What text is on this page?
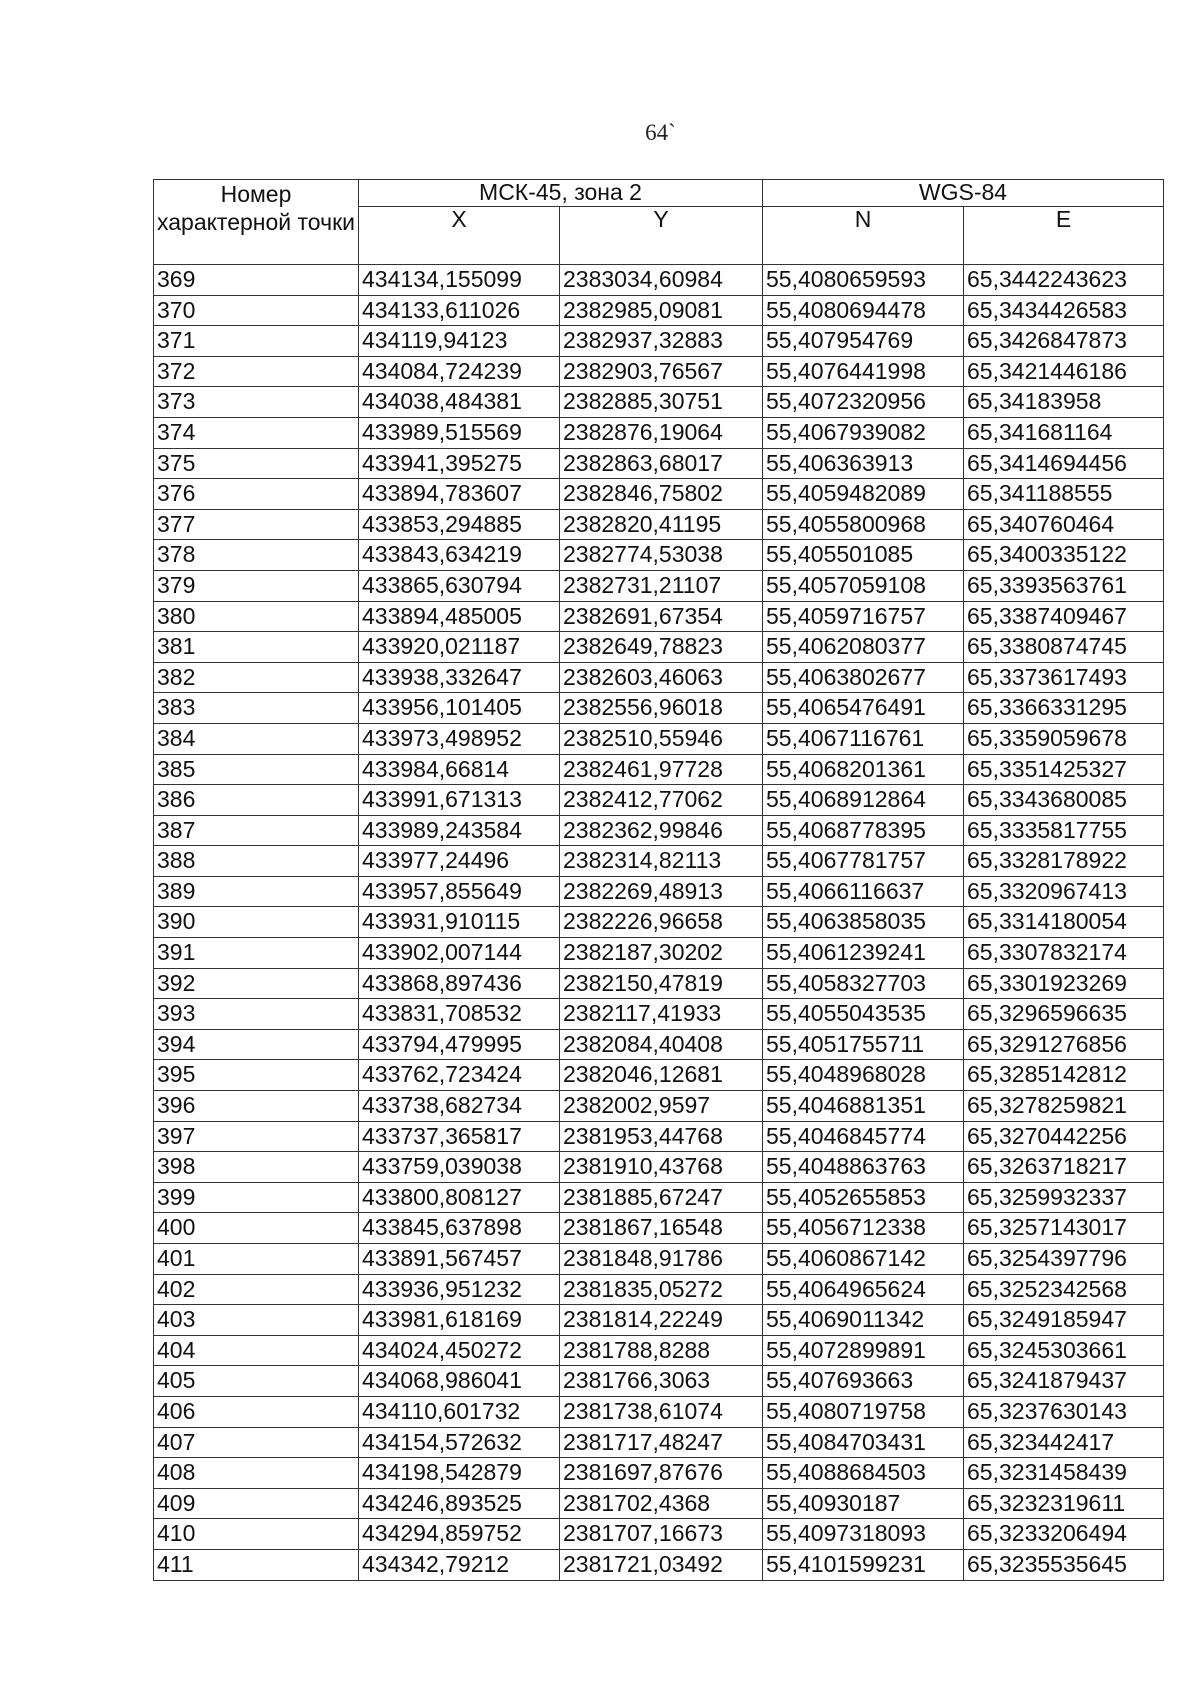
64`
Номер характерной точки	МСК-45, зона 2		WGS-84	
	X	Y	N	E
369	434134,155099	2383034,60984	55,4080659593	65,3442243623
370	434133,611026	2382985,09081	55,4080694478	65,3434426583
371	434119,94123	2382937,32883	55,407954769	65,3426847873
372	434084,724239	2382903,76567	55,4076441998	65,3421446186
373	434038,484381	2382885,30751	55,4072320956	65,34183958
374	433989,515569	2382876,19064	55,4067939082	65,341681164
375	433941,395275	2382863,68017	55,406363913	65,3414694456
376	433894,783607	2382846,75802	55,4059482089	65,341188555
377	433853,294885	2382820,41195	55,4055800968	65,340760464
378	433843,634219	2382774,53038	55,405501085	65,3400335122
379	433865,630794	2382731,21107	55,4057059108	65,3393563761
380	433894,485005	2382691,67354	55,4059716757	65,3387409467
381	433920,021187	2382649,78823	55,4062080377	65,3380874745
382	433938,332647	2382603,46063	55,4063802677	65,3373617493
383	433956,101405	2382556,96018	55,4065476491	65,3366331295
384	433973,498952	2382510,55946	55,4067116761	65,3359059678
385	433984,66814	2382461,97728	55,4068201361	65,3351425327
386	433991,671313	2382412,77062	55,4068912864	65,3343680085
387	433989,243584	2382362,99846	55,4068778395	65,3335817755
388	433977,24496	2382314,82113	55,4067781757	65,3328178922
389	433957,855649	2382269,48913	55,4066116637	65,3320967413
390	433931,910115	2382226,96658	55,4063858035	65,3314180054
391	433902,007144	2382187,30202	55,4061239241	65,3307832174
392	433868,897436	2382150,47819	55,4058327703	65,3301923269
393	433831,708532	2382117,41933	55,4055043535	65,3296596635
394	433794,479995	2382084,40408	55,4051755711	65,3291276856
395	433762,723424	2382046,12681	55,4048968028	65,3285142812
396	433738,682734	2382002,9597	55,4046881351	65,3278259821
397	433737,365817	2381953,44768	55,4046845774	65,3270442256
398	433759,039038	2381910,43768	55,4048863763	65,3263718217
399	433800,808127	2381885,67247	55,4052655853	65,3259932337
400	433845,637898	2381867,16548	55,4056712338	65,3257143017
401	433891,567457	2381848,91786	55,4060867142	65,3254397796
402	433936,951232	2381835,05272	55,4064965624	65,3252342568
403	433981,618169	2381814,22249	55,4069011342	65,3249185947
404	434024,450272	2381788,8288	55,4072899891	65,3245303661
405	434068,986041	2381766,3063	55,407693663	65,3241879437
406	434110,601732	2381738,61074	55,4080719758	65,3237630143
407	434154,572632	2381717,48247	55,4084703431	65,323442417
408	434198,542879	2381697,87676	55,4088684503	65,3231458439
409	434246,893525	2381702,4368	55,40930187	65,3232319611
410	434294,859752	2381707,16673	55,4097318093	65,3233206494
411	434342,79212	2381721,03492	55,4101599231	65,3235535645
